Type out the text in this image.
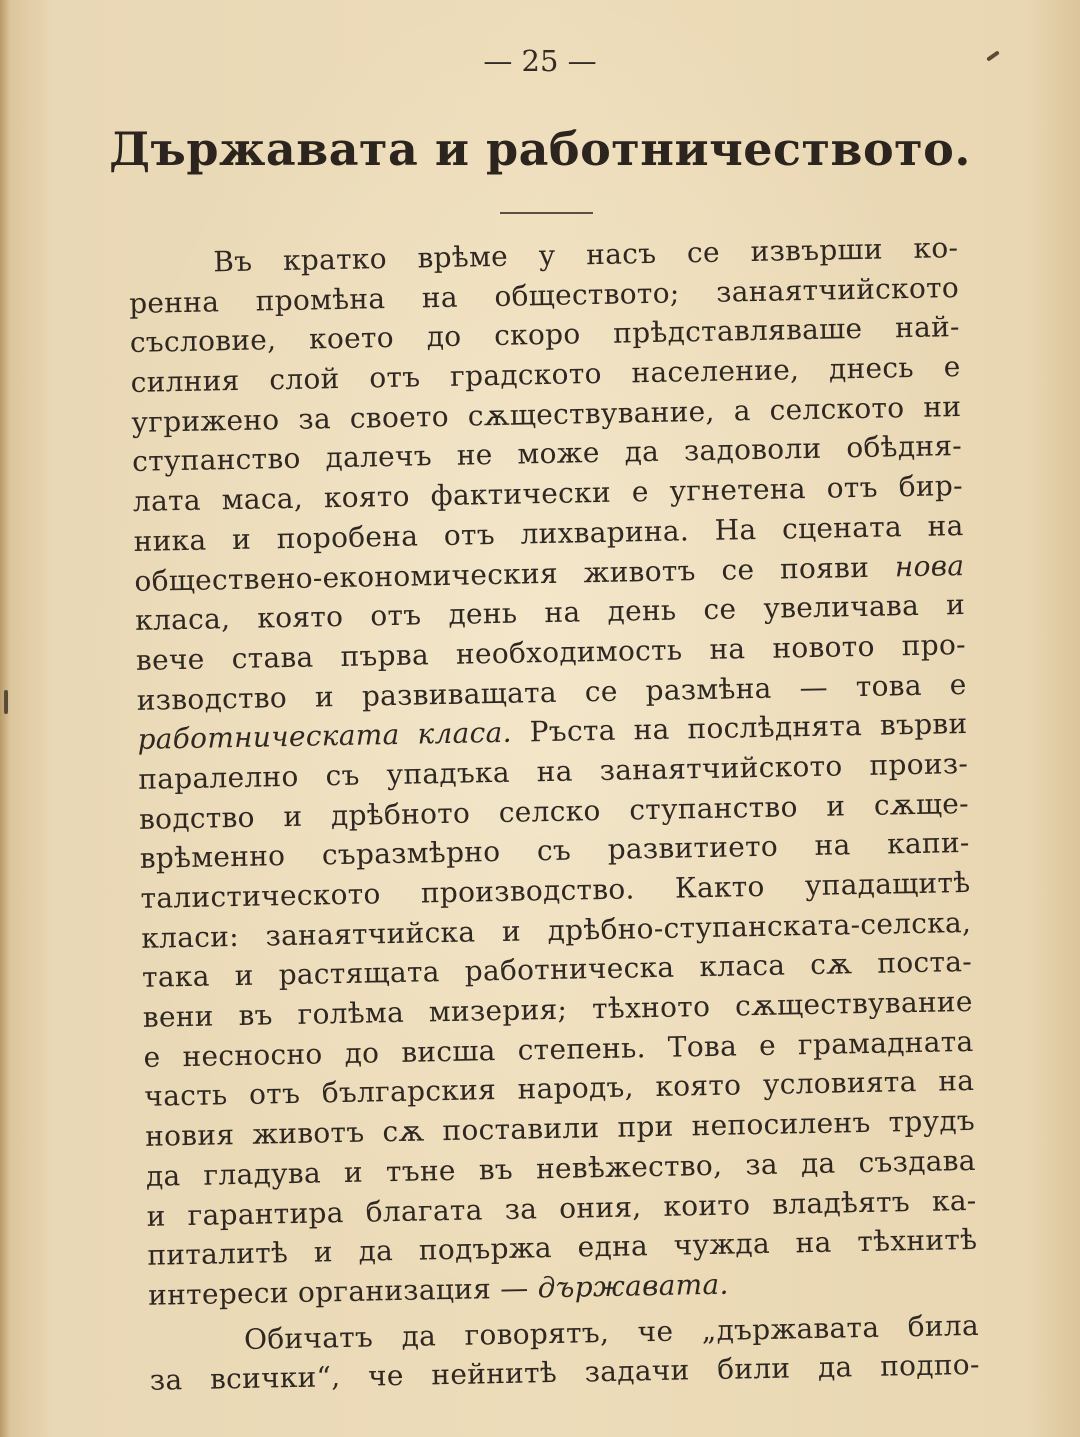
— 25 —
Държавата и работничеството.
Въ кратко врѣме у насъ се извърши ко-
ренна промѣна на обществото; занаятчийското
съсловие, което до скоро прѣдставляваше най-
силния слой отъ градското население, днесь е
угрижено за своето сѫществувание, а селското ни
ступанство далечъ не може да задоволи обѣдня-
лата маса, която фактически е угнетена отъ бир-
ника и поробена отъ лихварина. На сцената на
обществено-економическия животъ се появи нова
класа, която отъ день на день се увеличава и
вече става първа необходимость на новото про-
изводство и развиващата се размѣна — това е
работническата класа. Ръста на послѣднята върви
паралелно съ упадъка на занаятчийското произ-
водство и дрѣбното селско ступанство и сѫще-
врѣменно съразмѣрно съ развитието на капи-
талистическото производство. Както упадащитѣ
класи: занаятчийска и дрѣбно-ступанската-селска,
така и растящата работническа класа сѫ поста-
вени въ голѣма мизерия; тѣхното сѫществувание
е несносно до висша степень. Това е грамадната
часть отъ българския народъ, която условията на
новия животъ сѫ поставили при непосиленъ трудъ
да гладува и тъне въ невѣжество, за да създава
и гарантира благата за ония, които владѣятъ ка-
питалитѣ и да подържа една чужда на тѣхнитѣ
интереси организация — държавата.
Обичатъ да говорятъ, че „държавата била
за всички“, че нейнитѣ задачи били да подпо-
